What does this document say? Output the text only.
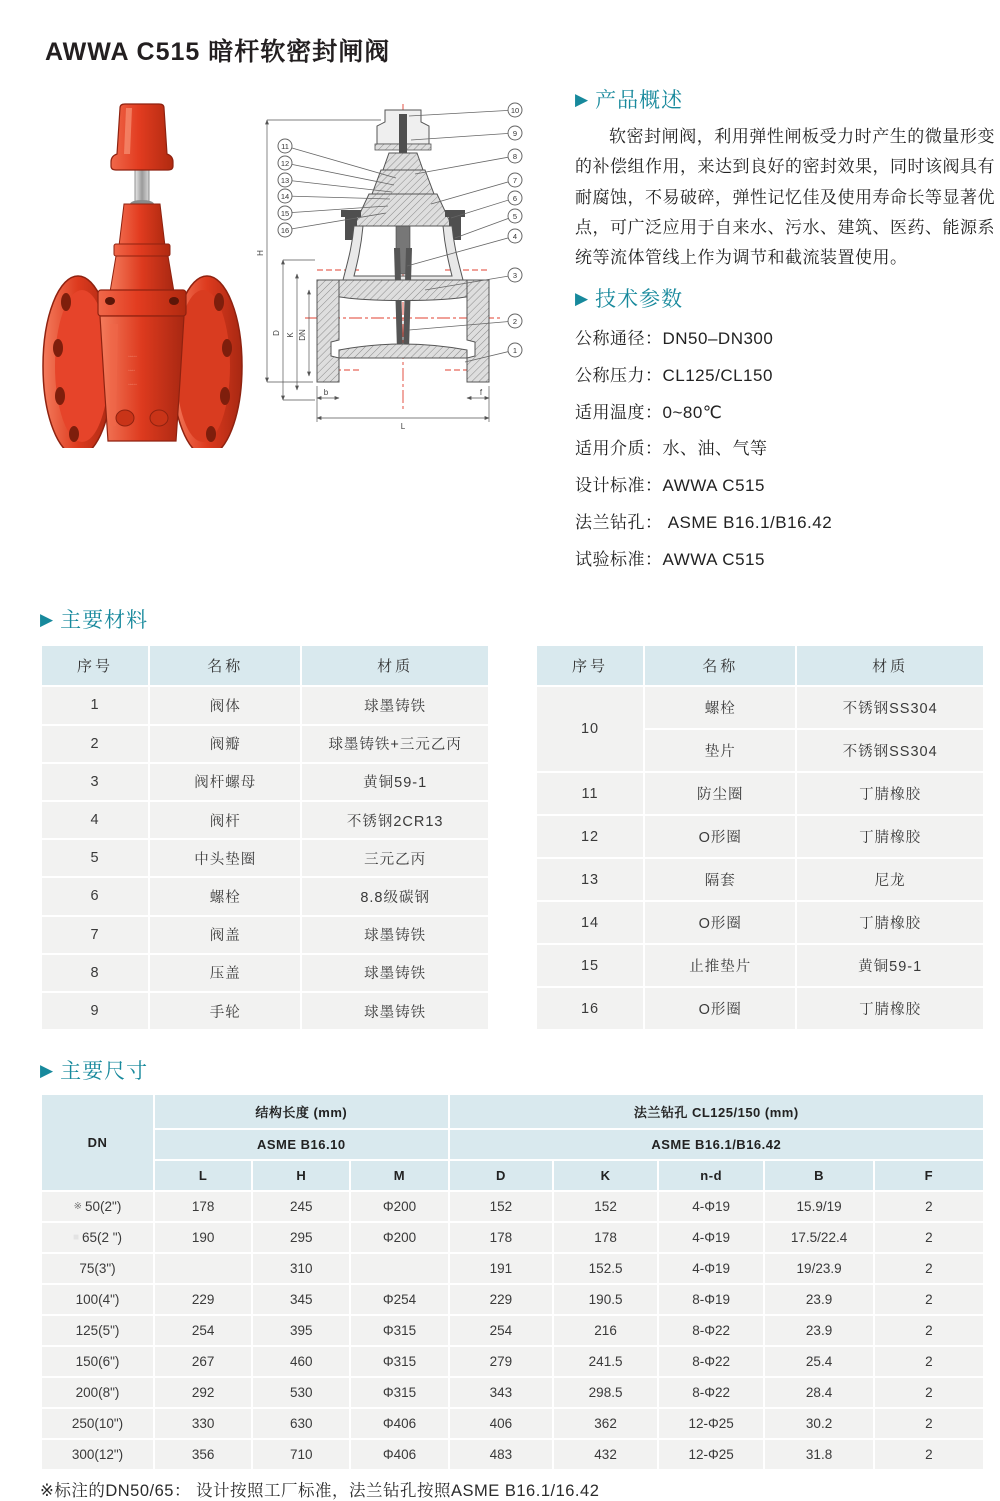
AWWA C515 暗杆软密封闸阀
◦◦◦◦◦
◦◦◦◦
◦◦◦◦◦
H
D K DN
L
b	f
10
9
8
7
6
5
4
3
2
1
11
12
13
14
15
16
▶ 产品概述

软密封闸阀，利用弹性闸板受力时产生的微量形变的补偿组作用，来达到良好的密封效果，同时该阀具有耐腐蚀，不易破碎，弹性记忆佳及使用寿命长等显著优点，可广泛应用于自来水、污水、建筑、医药、能源系统等流体管线上作为调节和截流装置使用。

▶ 技术参数
公称通径：DN50–DN300
公称压力：CL125/CL150
适用温度：0~80℃
适用介质：水、油、气等
设计标准：AWWA C515
法兰钻孔： ASME B16.1/B16.42
试验标准：AWWA C515
▶ 主要材料
序号	名称	材质
1	阀体	球墨铸铁
2	阀瓣	球墨铸铁+三元乙丙
3	阀杆螺母	黄铜59-1
4	阀杆	不锈钢2CR13
5	中头垫圈	三元乙丙
6	螺栓	8.8级碳钢
7	阀盖	球墨铸铁
8	压盖	球墨铸铁
9	手轮	球墨铸铁
序号	名称	材质
10	螺栓	不锈钢SS304
	垫片	不锈钢SS304
11	防尘圈	丁腈橡胶
12	O形圈	丁腈橡胶
13	隔套	尼龙
14	O形圈	丁腈橡胶
15	止推垫片	黄铜59-1
16	O形圈	丁腈橡胶
▶ 主要尺寸
DN	结构长度 (mm)			法兰钻孔 CL125/150 (mm)				
	ASME B16.10			ASME B16.1/B16.42				
	L	H	M	D	K	n-d	B	F
※ 50(2")	178	245	Φ200	152	152	4-Φ19	15.9/19	2
■ 65(2 ")	190	295	Φ200	178	178	4-Φ19	17.5/22.4	2
75(3")		310		191	152.5	4-Φ19	19/23.9	2
100(4")	229	345	Φ254	229	190.5	8-Φ19	23.9	2
125(5")	254	395	Φ315	254	216	8-Φ22	23.9	2
150(6")	267	460	Φ315	279	241.5	8-Φ22	25.4	2
200(8")	292	530	Φ315	343	298.5	8-Φ22	28.4	2
250(10")	330	630	Φ406	406	362	12-Φ25	30.2	2
300(12")	356	710	Φ406	483	432	12-Φ25	31.8	2
※标注的DN50/65： 设计按照工厂标准，法兰钻孔按照ASME B16.1/16.42
